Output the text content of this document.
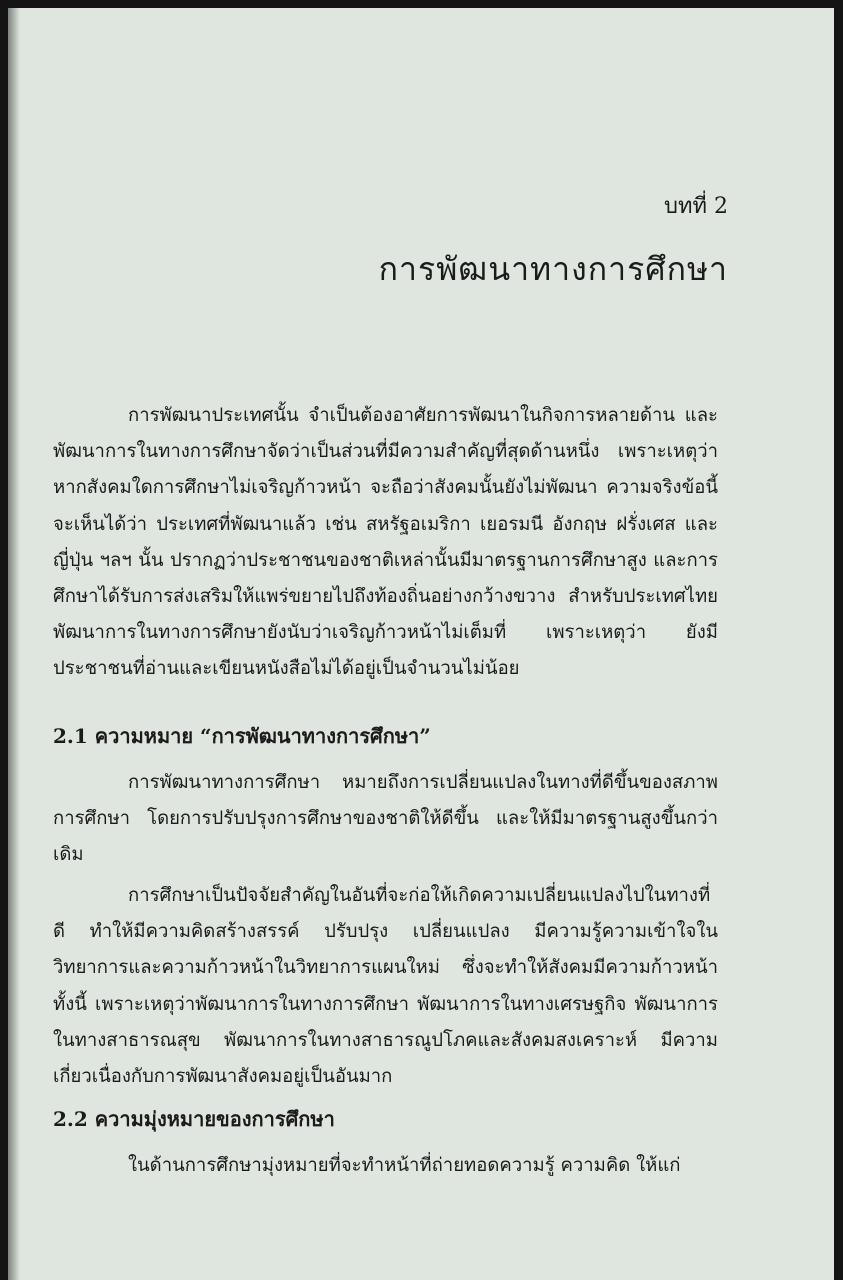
บทที่ 2
การพัฒนาทางการศึกษา

การพัฒนาประเทศนั้น จำเป็นต้องอาศัยการพัฒนาในกิจการหลายด้าน และพัฒนาการในทางการศึกษาจัดว่าเป็นส่วนที่มีความสำคัญที่สุดด้านหนึ่ง เพราะเหตุว่าหากสังคมใดการศึกษาไม่เจริญก้าวหน้า จะถือว่าสังคมนั้นยังไม่พัฒนา ความจริงข้อนี้จะเห็นได้ว่า ประเทศที่พัฒนาแล้ว เช่น สหรัฐอเมริกา เยอรมนี อังกฤษ ฝรั่งเศส และญี่ปุ่น ฯลฯ นั้น ปรากฏว่าประชาชนของชาติเหล่านั้นมีมาตรฐานการศึกษาสูง และการศึกษาได้รับการส่งเสริมให้แพร่ขยายไปถึงท้องถิ่นอย่างกว้างขวาง สำหรับประเทศไทย พัฒนาการในทางการศึกษายังนับว่าเจริญก้าวหน้าไม่เต็มที่ เพราะเหตุว่า ยังมีประชาชนที่อ่านและเขียนหนังสือไม่ได้อยู่เป็นจำนวนไม่น้อย

2.1 ความหมาย “การพัฒนาทางการศึกษา”

การพัฒนาทางการศึกษา หมายถึงการเปลี่ยนแปลงในทางที่ดีขึ้นของสภาพการศึกษา โดยการปรับปรุงการศึกษาของชาติให้ดีขึ้น และให้มีมาตรฐานสูงขึ้นกว่าเดิม

การศึกษาเป็นปัจจัยสำคัญในอันที่จะก่อให้เกิดความเปลี่ยนแปลงไปในทางที่ดี ทำให้มีความคิดสร้างสรรค์ ปรับปรุง เปลี่ยนแปลง มีความรู้ความเข้าใจในวิทยาการและความก้าวหน้าในวิทยาการแผนใหม่ ซึ่งจะทำให้สังคมมีความก้าวหน้า ทั้งนี้ เพราะเหตุว่าพัฒนาการในทางการศึกษา พัฒนาการในทางเศรษฐกิจ พัฒนาการในทางสาธารณสุข พัฒนาการในทางสาธารณูปโภคและสังคมสงเคราะห์ มีความเกี่ยวเนื่องกับการพัฒนาสังคมอยู่เป็นอันมาก

2.2 ความมุ่งหมายของการศึกษา

ในด้านการศึกษามุ่งหมายที่จะทำหน้าที่ถ่ายทอดความรู้ ความคิด ให้แก่
